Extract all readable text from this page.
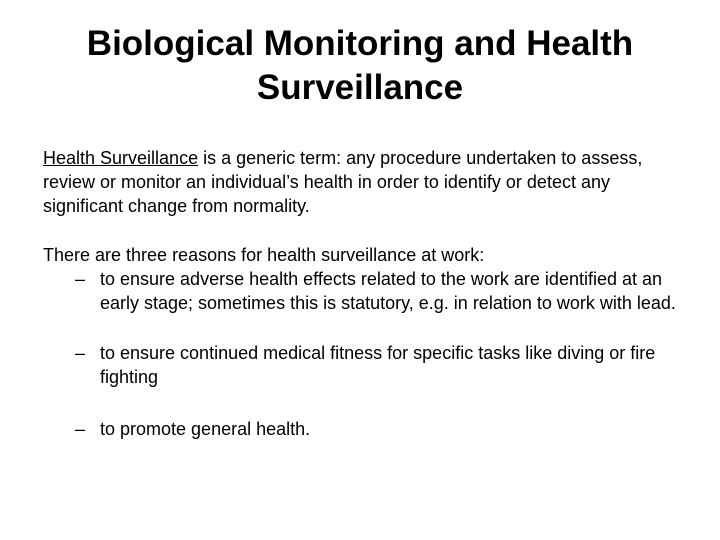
Biological Monitoring and Health
Surveillance

Health Surveillance is a generic term: any procedure undertaken to assess, review or monitor an individual’s health in order to identify or detect any significant change from normality.

There are three reasons for health surveillance at work:

– to ensure adverse health effects related to the work are identified at an early stage; sometimes this is statutory, e.g. in relation to work with lead.
– to ensure continued medical fitness for specific tasks like diving or fire fighting
– to promote general health.
